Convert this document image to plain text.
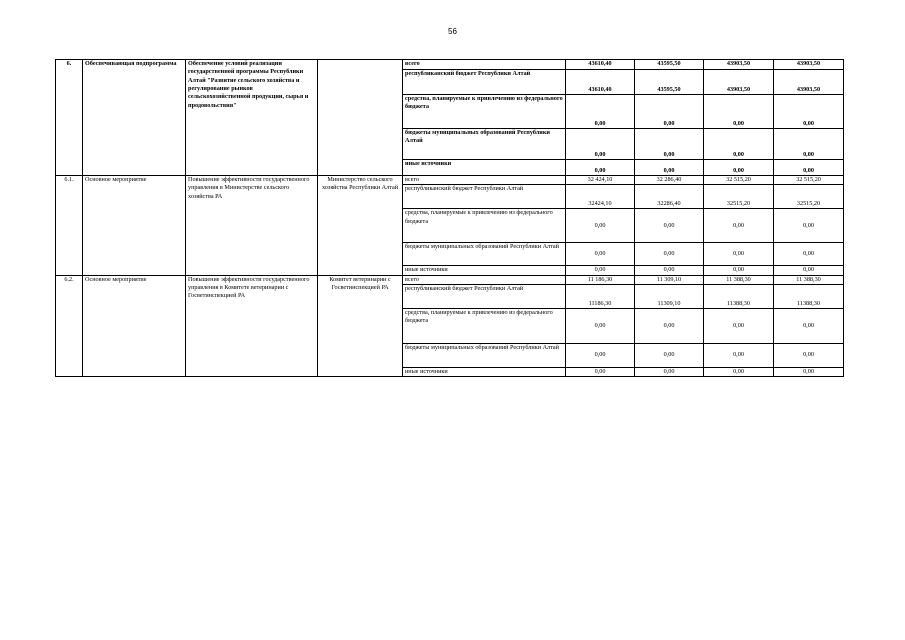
56
6.	Обеспечивающая подпрограмма	Обеспечение условий реализации государственной программы Республики Алтай "Развитие сельского хозяйства и регулирование рынков сельскохозяйственной продукции, сырья и продовольствия"		всего	43610,40	43595,50	43903,50	43903,50
				республиканский бюджет Республики Алтай	43610,40	43595,50	43903,50	43903,50
				средства, планируемые к привлечению из федерального бюджета	0,00	0,00	0,00	0,00
				бюджеты муниципальных образований Республики Алтай	0,00	0,00	0,00	0,00
				иные источники	0,00	0,00	0,00	0,00
6.1.	Основное мероприятие	Повышение эффективности государственного управления в Министерстве сельского хозяйства РА	Министерство сельского хозяйства Республики Алтай	всего	32 424,10	32 286,40	32 515,20	32 515,20
				республиканский бюджет Республики Алтай	32424,10	32286,40	32515,20	32515,20
				средства, планируемые к привлечению из федерального бюджета	0,00	0,00	0,00	0,00
				бюджеты муниципальных образований Республики Алтай	0,00	0,00	0,00	0,00
				иные источники	0,00	0,00	0,00	0,00
6.2.	Основное мероприятие	Повышение эффективности государственного управления в Комитете ветеринарии с Госветинспекцией РА	Комитет ветеринарии с Госветинспекцией РА	всего	11 186,30	11 309,10	11 388,30	11 388,30
				республиканский бюджет Республики Алтай	11186,30	11309,10	11388,30	11388,30
				средства, планируемые к привлечению из федерального бюджета	0,00	0,00	0,00	0,00
				бюджеты муниципальных образований Республики Алтай	0,00	0,00	0,00	0,00
				иные источники	0,00	0,00	0,00	0,00
